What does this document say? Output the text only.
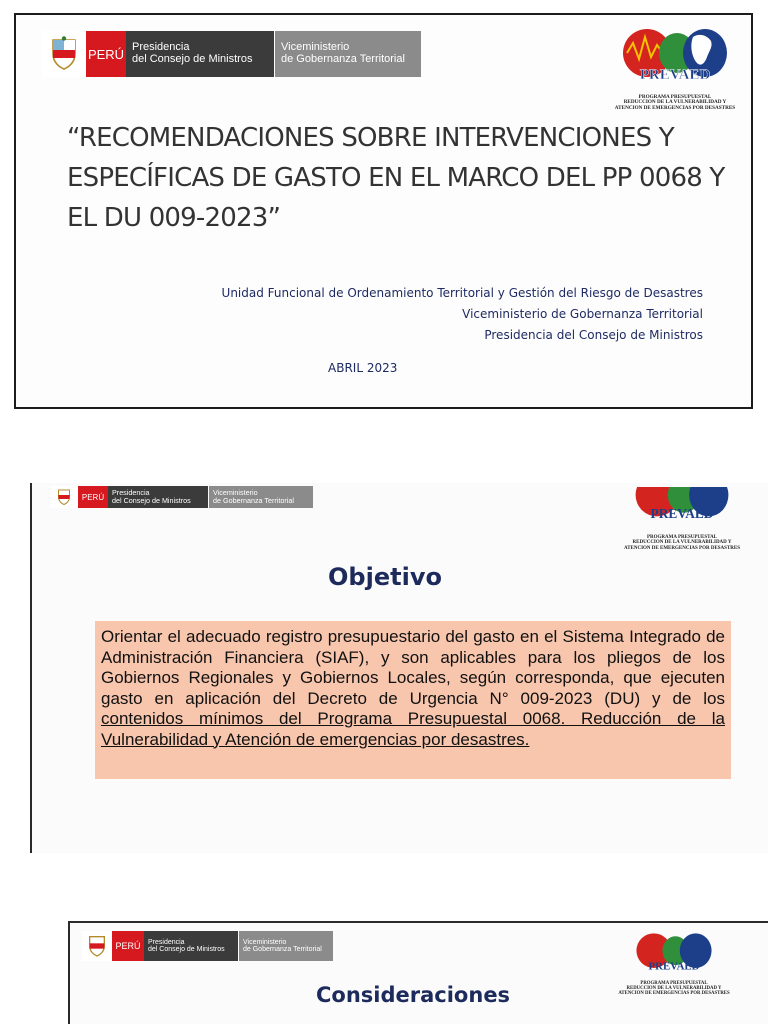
PERÚ Presidencia
del Consejo de Ministros
Viceministerio
de Gobernanza Territorial
PREVAED
PROGRAMA PRESUPUESTAL
REDUCCION DE LA VULNERABILIDAD Y
ATENCION DE EMERGENCIAS POR DESASTRES
“RECOMENDACIONES SOBRE INTERVENCIONES Y
ESPECÍFICAS DE GASTO EN EL MARCO DEL PP 0068 Y
EL DU 009-2023”
Unidad Funcional de Ordenamiento Territorial y Gestión del Riesgo de Desastres
Viceministerio de Gobernanza Territorial
Presidencia del Consejo de Ministros
ABRIL 2023
PERÚ	Presidencia
del Consejo de Ministros
Viceministerio
de Gobernanza Territorial
PREVAED
PROGRAMA PRESUPUESTAL
REDUCCION DE LA VULNERABILIDAD Y
ATENCION DE EMERGENCIAS POR DESASTRES
Objetivo
Orientar el adecuado registro presupuestario del gasto en el Sistema Integrado de Administración Financiera (SIAF), y son aplicables para los pliegos de los Gobiernos Regionales y Gobiernos Locales, según corresponda, que ejecuten gasto en aplicación del Decreto de Urgencia N° 009-2023 (DU) y de los contenidos mínimos del Programa Presupuestal 0068. Reducción de la Vulnerabilidad y Atención de emergencias por desastres.
PERÚ	Presidencia
del Consejo de Ministros
Viceministerio
de Gobernanza Territorial
PREVAED
PROGRAMA PRESUPUESTAL
REDUCCION DE LA VULNERABILIDAD Y
ATENCION DE EMERGENCIAS POR DESASTRES
Consideraciones
